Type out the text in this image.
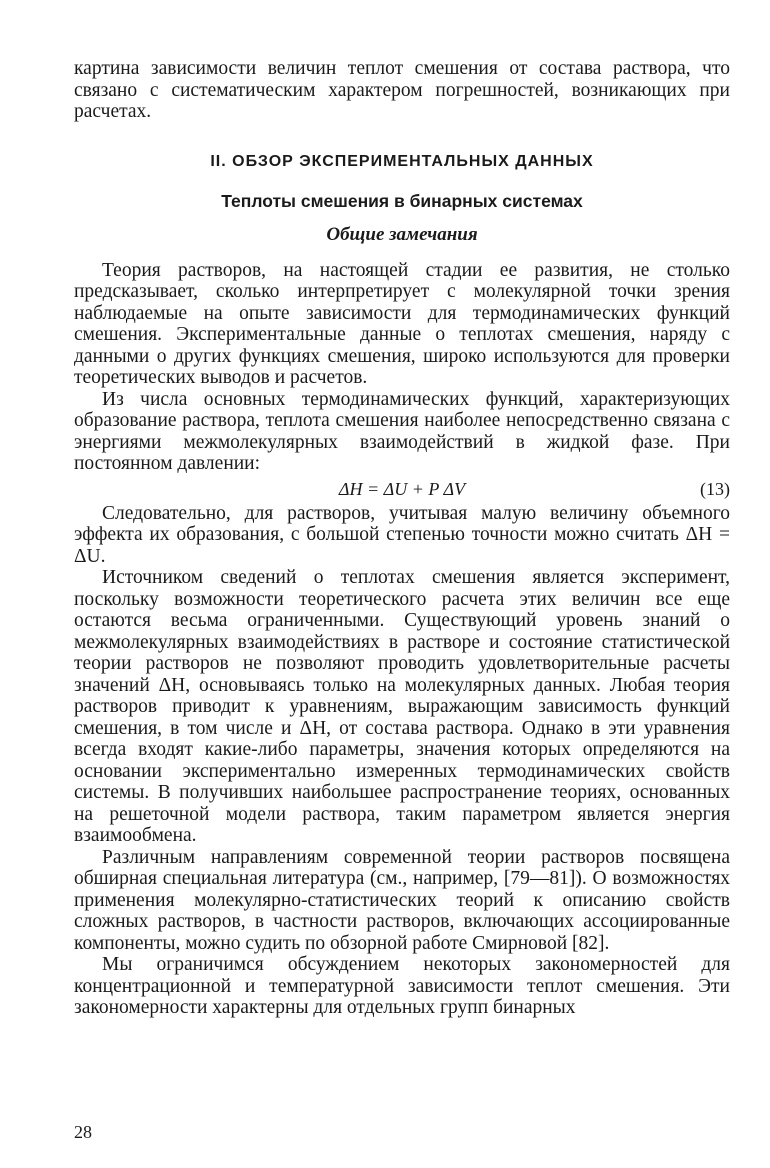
картина зависимости величин теплот смешения от состава раствора, что связано с систематическим характером погрешностей, возникающих при расчетах.

II. ОБЗОР ЭКСПЕРИМЕНТАЛЬНЫХ ДАННЫХ
Теплоты смешения в бинарных системах
Общие замечания

Теория растворов, на настоящей стадии ее развития, не столько предсказывает, сколько интерпретирует с молекулярной точки зрения наблюдаемые на опыте зависимости для термодинамических функций смешения. Экспериментальные данные о теплотах смешения, наряду с данными о других функциях смешения, широко используются для проверки теоретических выводов и расчетов.

Из числа основных термодинамических функций, характеризующих образование раствора, теплота смешения наиболее непосредственно связана с энергиями межмолекулярных взаимодействий в жидкой фазе. При постоянном давлении:

ΔH = ΔU + P ΔV	(13)

Следовательно, для растворов, учитывая малую величину объемного эффекта их образования, с большой степенью точности можно считать ΔH = ΔU.

Источником сведений о теплотах смешения является эксперимент, поскольку возможности теоретического расчета этих величин все еще остаются весьма ограниченными. Существующий уровень знаний о межмолекулярных взаимодействиях в растворе и состояние статистической теории растворов не позволяют проводить удовлетворительные расчеты значений ΔH, основываясь только на молекулярных данных. Любая теория растворов приводит к уравнениям, выражающим зависимость функций смешения, в том числе и ΔH, от состава раствора. Однако в эти уравнения всегда входят какие-либо параметры, значения которых определяются на основании экспериментально измеренных термодинамических свойств системы. В получивших наибольшее распространение теориях, основанных на решеточной модели раствора, таким параметром является энергия взаимообмена.

Различным направлениям современной теории растворов посвящена обширная специальная литература (см., например, [79—81]). О возможностях применения молекулярно-статистических теорий к описанию свойств сложных растворов, в частности растворов, включающих ассоциированные компоненты, можно судить по обзорной работе Смирновой [82].

Мы ограничимся обсуждением некоторых закономерностей для концентрационной и температурной зависимости теплот смешения. Эти закономерности характерны для отдельных групп бинарных

28
